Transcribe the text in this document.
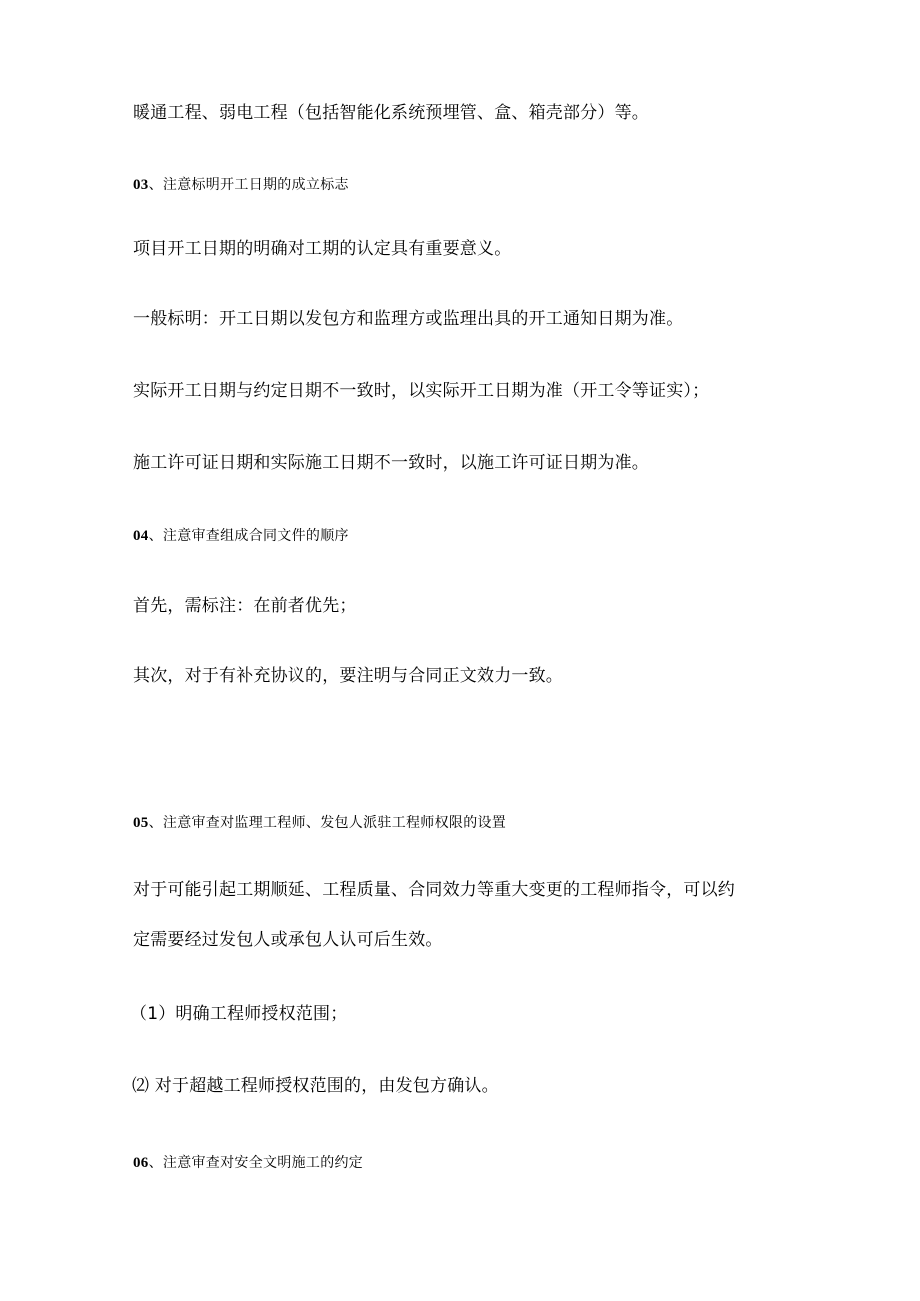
暖通工程、弱电工程（包括智能化系统预埋管、盒、箱壳部分）等。
03、注意标明开工日期的成立标志
项目开工日期的明确对工期的认定具有重要意义。
一般标明：开工日期以发包方和监理方或监理出具的开工通知日期为准。
实际开工日期与约定日期不一致时，以实际开工日期为准（开工令等证实）；
施工许可证日期和实际施工日期不一致时，以施工许可证日期为准。
04、注意审查组成合同文件的顺序
首先，需标注：在前者优先；
其次，对于有补充协议的，要注明与合同正文效力一致。
05、注意审查对监理工程师、发包人派驻工程师权限的设置
对于可能引起工期顺延、工程质量、合同效力等重大变更的工程师指令，可以约
定需要经过发包人或承包人认可后生效。
（1）明确工程师授权范围；
⑵ 对于超越工程师授权范围的，由发包方确认。
06、注意审查对安全文明施工的约定
